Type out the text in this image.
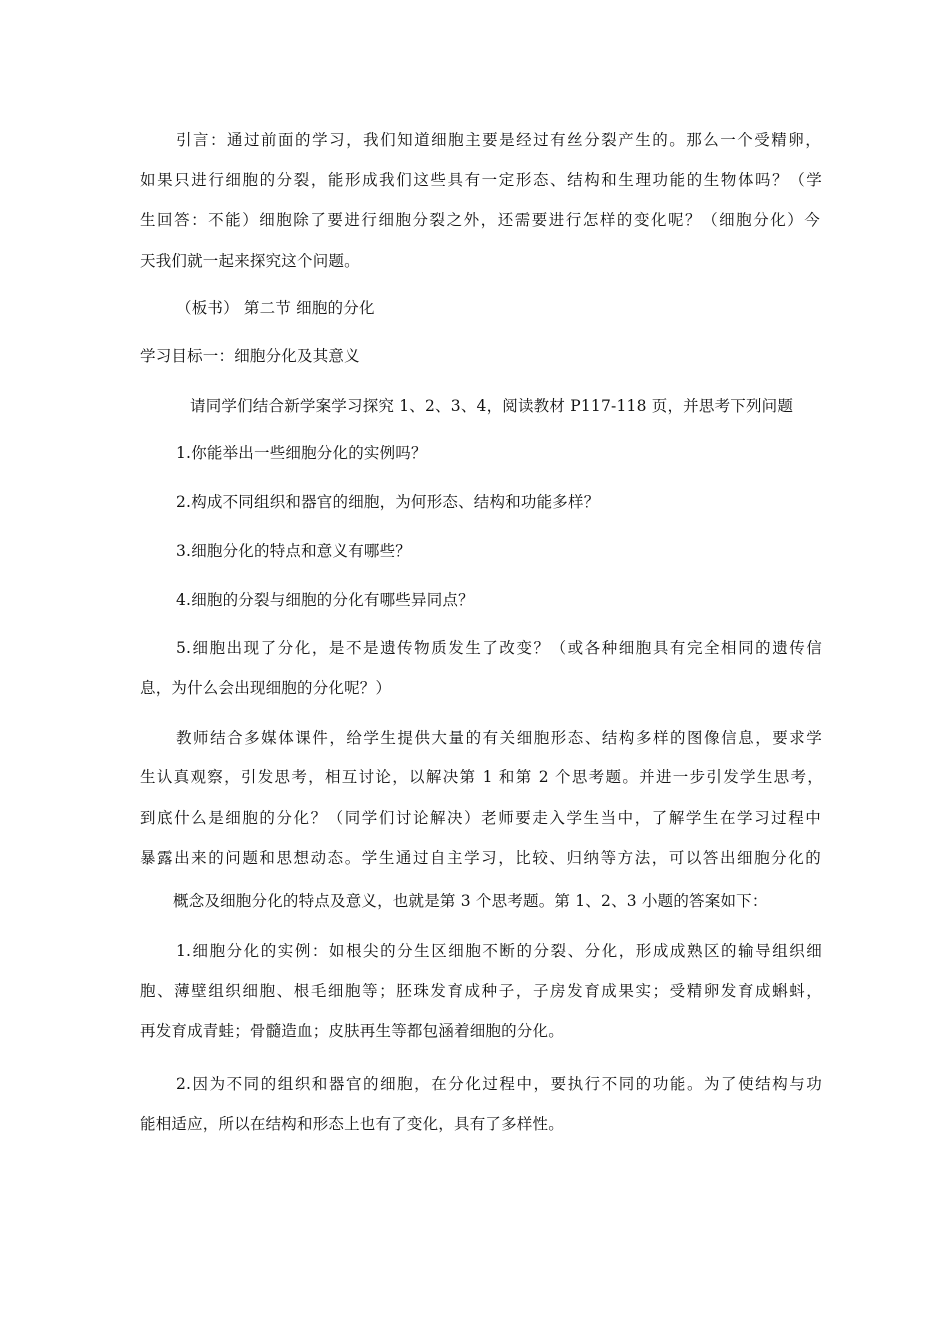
引言：通过前面的学习，我们知道细胞主要是经过有丝分裂产生的。那么一个受精卵，
如果只进行细胞的分裂，能形成我们这些具有一定形态、结构和生理功能的生物体吗？（学
生回答：不能）细胞除了要进行细胞分裂之外，还需要进行怎样的变化呢？（细胞分化）今
天我们就一起来探究这个问题。
（板书） 第二节 细胞的分化
学习目标一：细胞分化及其意义
请同学们结合新学案学习探究 1、2、3、4，阅读教材 P117-118 页，并思考下列问题
1.你能举出一些细胞分化的实例吗？
2.构成不同组织和器官的细胞，为何形态、结构和功能多样？
3.细胞分化的特点和意义有哪些？
4.细胞的分裂与细胞的分化有哪些异同点？
5.细胞出现了分化，是不是遗传物质发生了改变？（或各种细胞具有完全相同的遗传信
息，为什么会出现细胞的分化呢？）
教师结合多媒体课件，给学生提供大量的有关细胞形态、结构多样的图像信息，要求学
生认真观察，引发思考，相互讨论，以解决第 1 和第 2 个思考题。并进一步引发学生思考，
到底什么是细胞的分化？（同学们讨论解决）老师要走入学生当中，了解学生在学习过程中
暴露出来的问题和思想动态。学生通过自主学习，比较、归纳等方法，可以答出细胞分化的
概念及细胞分化的特点及意义，也就是第 3 个思考题。第 1、2、3 小题的答案如下：
1.细胞分化的实例：如根尖的分生区细胞不断的分裂、分化，形成成熟区的输导组织细
胞、薄壁组织细胞、根毛细胞等；胚珠发育成种子，子房发育成果实；受精卵发育成蝌蚪，
再发育成青蛙；骨髓造血；皮肤再生等都包涵着细胞的分化。
2.因为不同的组织和器官的细胞，在分化过程中，要执行不同的功能。为了使结构与功
能相适应，所以在结构和形态上也有了变化，具有了多样性。
